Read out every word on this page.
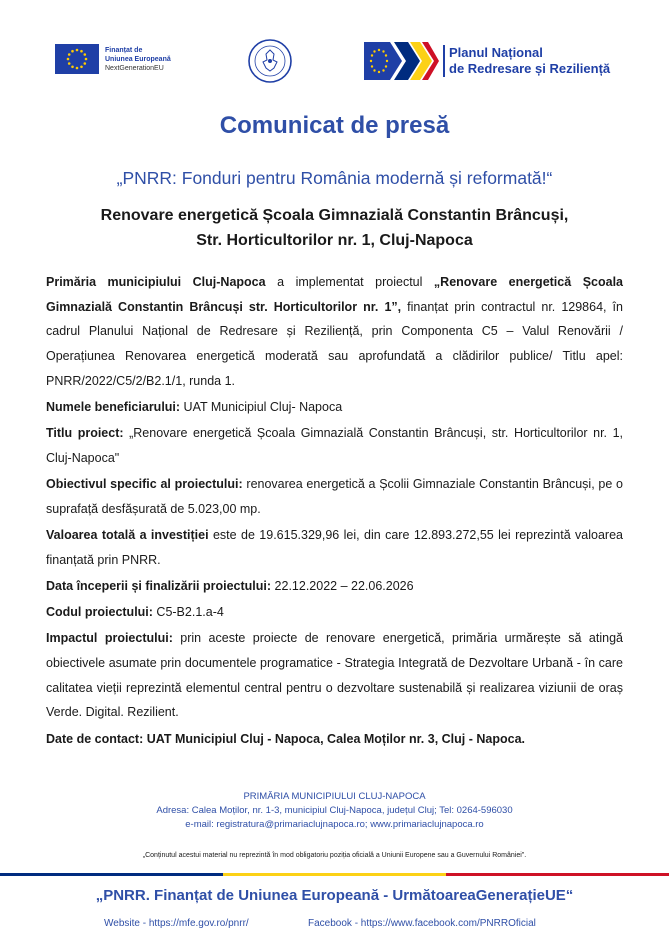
Finanțat de
Uniunea Europeană
NextGenerationEU
Planul Național
de Redresare și Reziliență
Comunicat de presă
„PNRR: Fonduri pentru România modernă și reformată!“
Renovare energetică Școala Gimnazială Constantin Brâncuși,
Str. Horticultorilor nr. 1, Cluj-Napoca

Primăria municipiului Cluj-Napoca a implementat proiectul „Renovare energetică Școala Gimnazială Constantin Brâncuși str. Horticultorilor nr. 1”, finanțat prin contractul nr. 129864, în cadrul Planului Național de Redresare și Reziliență, prin Componenta C5 – Valul Renovării / Operațiunea Renovarea energetică moderată sau aprofundată a clădirilor publice/ Titlu apel: PNRR/2022/C5/2/B2.1/1, runda 1.

Numele beneficiarului: UAT Municipiul Cluj- Napoca

Titlu proiect: „Renovare energetică Școala Gimnazială Constantin Brâncuși, str. Horticultorilor nr. 1, Cluj-Napoca"

Obiectivul specific al proiectului: renovarea energetică a Școlii Gimnaziale Constantin Brâncuși, pe o suprafață desfășurată de 5.023,00 mp.

Valoarea totală a investiției este de 19.615.329,96 lei, din care 12.893.272,55 lei reprezintă valoarea finanțată prin PNRR.

Data începerii și finalizării proiectului: 22.12.2022 – 22.06.2026

Codul proiectului: C5-B2.1.a-4

Impactul proiectului: prin aceste proiecte de renovare energetică, primăria urmărește să atingă obiectivele asumate prin documentele programatice - Strategia Integrată de Dezvoltare Urbană - în care calitatea vieții reprezintă elementul central pentru o dezvoltare sustenabilă și realizarea viziunii de oraș Verde. Digital. Rezilient.

Date de contact: UAT Municipiul Cluj - Napoca, Calea Moților nr. 3, Cluj - Napoca.

PRIMĂRIA MUNICIPIULUI CLUJ-NAPOCA
Adresa: Calea Moților, nr. 1-3, municipiul Cluj-Napoca, județul Cluj; Tel: 0264-596030
e-mail: registratura@primariaclujnapoca.ro; www.primariaclujnapoca.ro
„Conținutul acestui material nu reprezintă în mod obligatoriu poziția oficială a Uniunii Europene sau a Guvernului României".
„PNRR. Finanțat de Uniunea Europeană - UrmătoareaGenerațieUE“
Website - https://mfe.gov.ro/pnrr/	Facebook - https://www.facebook.com/PNRROficial
